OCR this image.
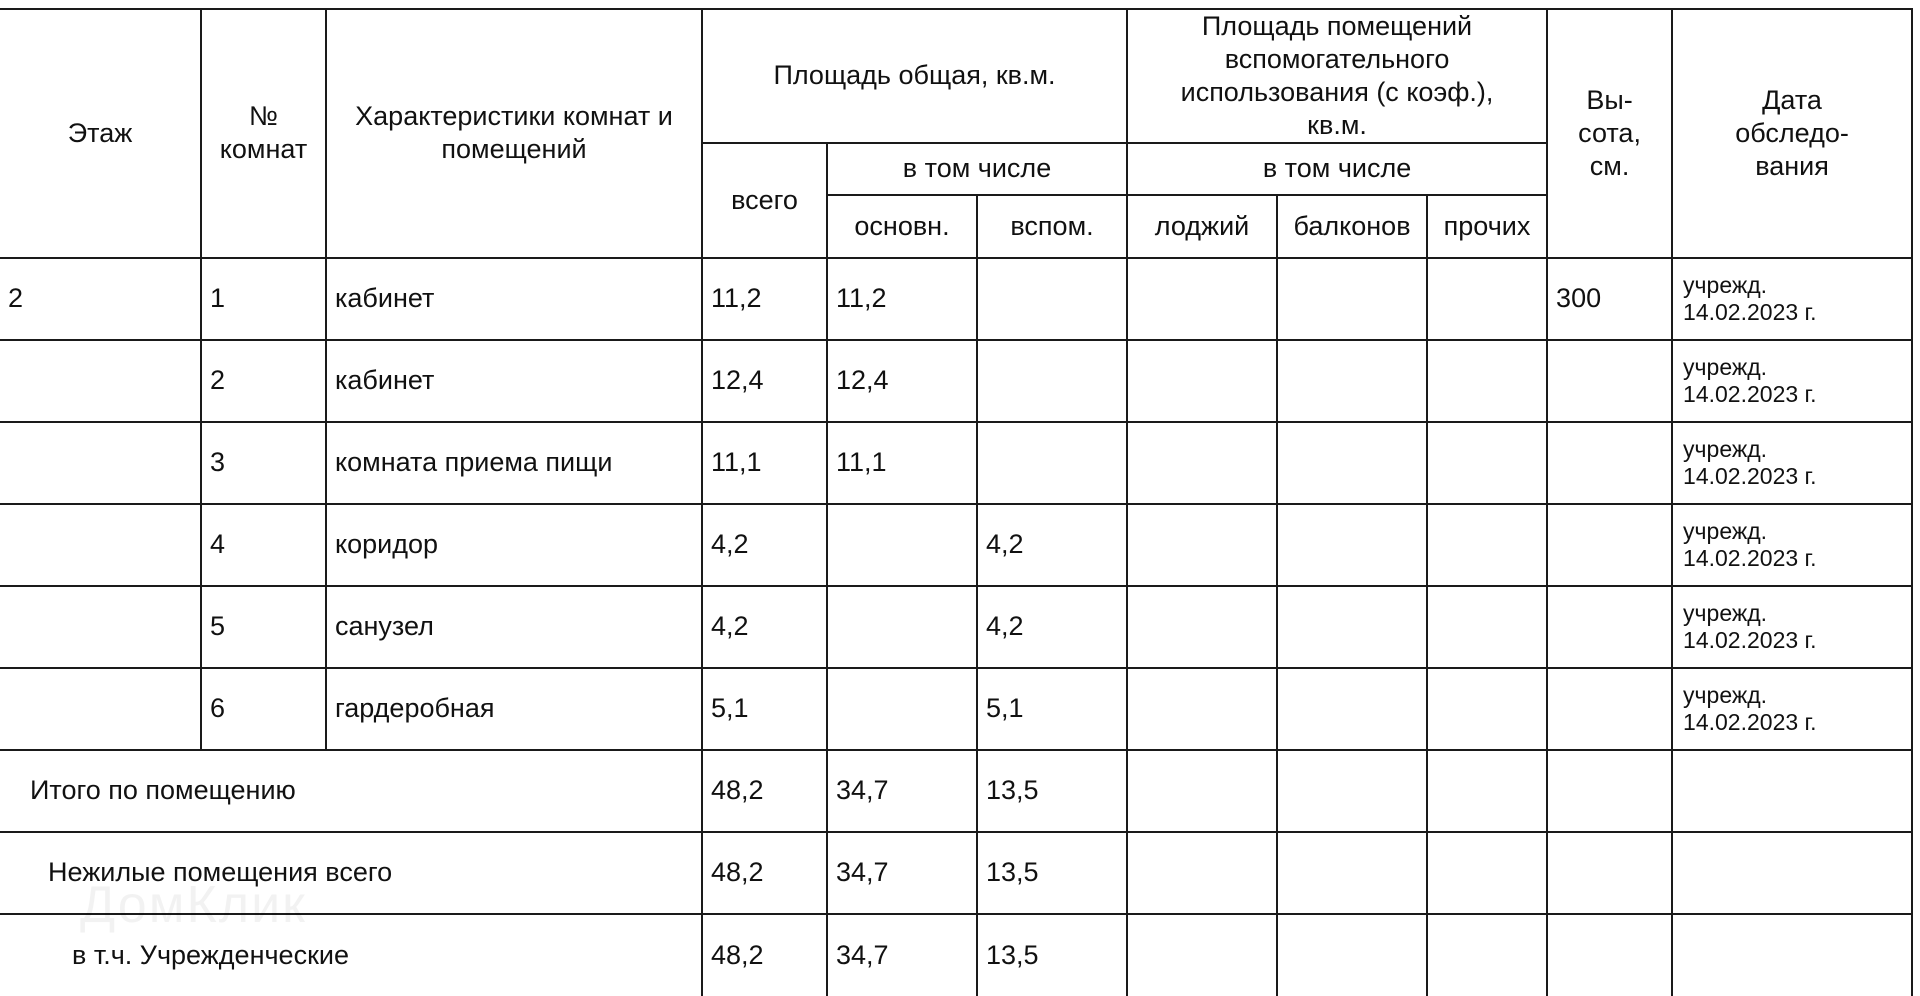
Этаж	№ комнат	Характеристики комнат и помещений	Площадь общая, кв.м.			Площадь помещений вспомогательного использования (с коэф.), кв.м.			Вы-сота, см.	Дата обследо-вания
			всего	в том числе		в том числе				
				основн.	вспом.	лоджий	балконов	прочих		
2	1	кабинет	11,2	11,2					300	учрежд.
14.02.2023 г.

	2	кабинет	12,4	12,4						учрежд.
14.02.2023 г.

	3	комната приема пищи	11,1	11,1						учрежд.
14.02.2023 г.

	4	коридор	4,2		4,2					учрежд.
14.02.2023 г.

	5	санузел	4,2		4,2					учрежд.
14.02.2023 г.

	6	гардеробная	5,1		5,1					учрежд.
14.02.2023 г.

Итого по помещению			48,2	34,7	13,5					
Нежилые помещения всего			48,2	34,7	13,5					
в т.ч. Учрежденческие			48,2	34,7	13,5					
ДомКлик
